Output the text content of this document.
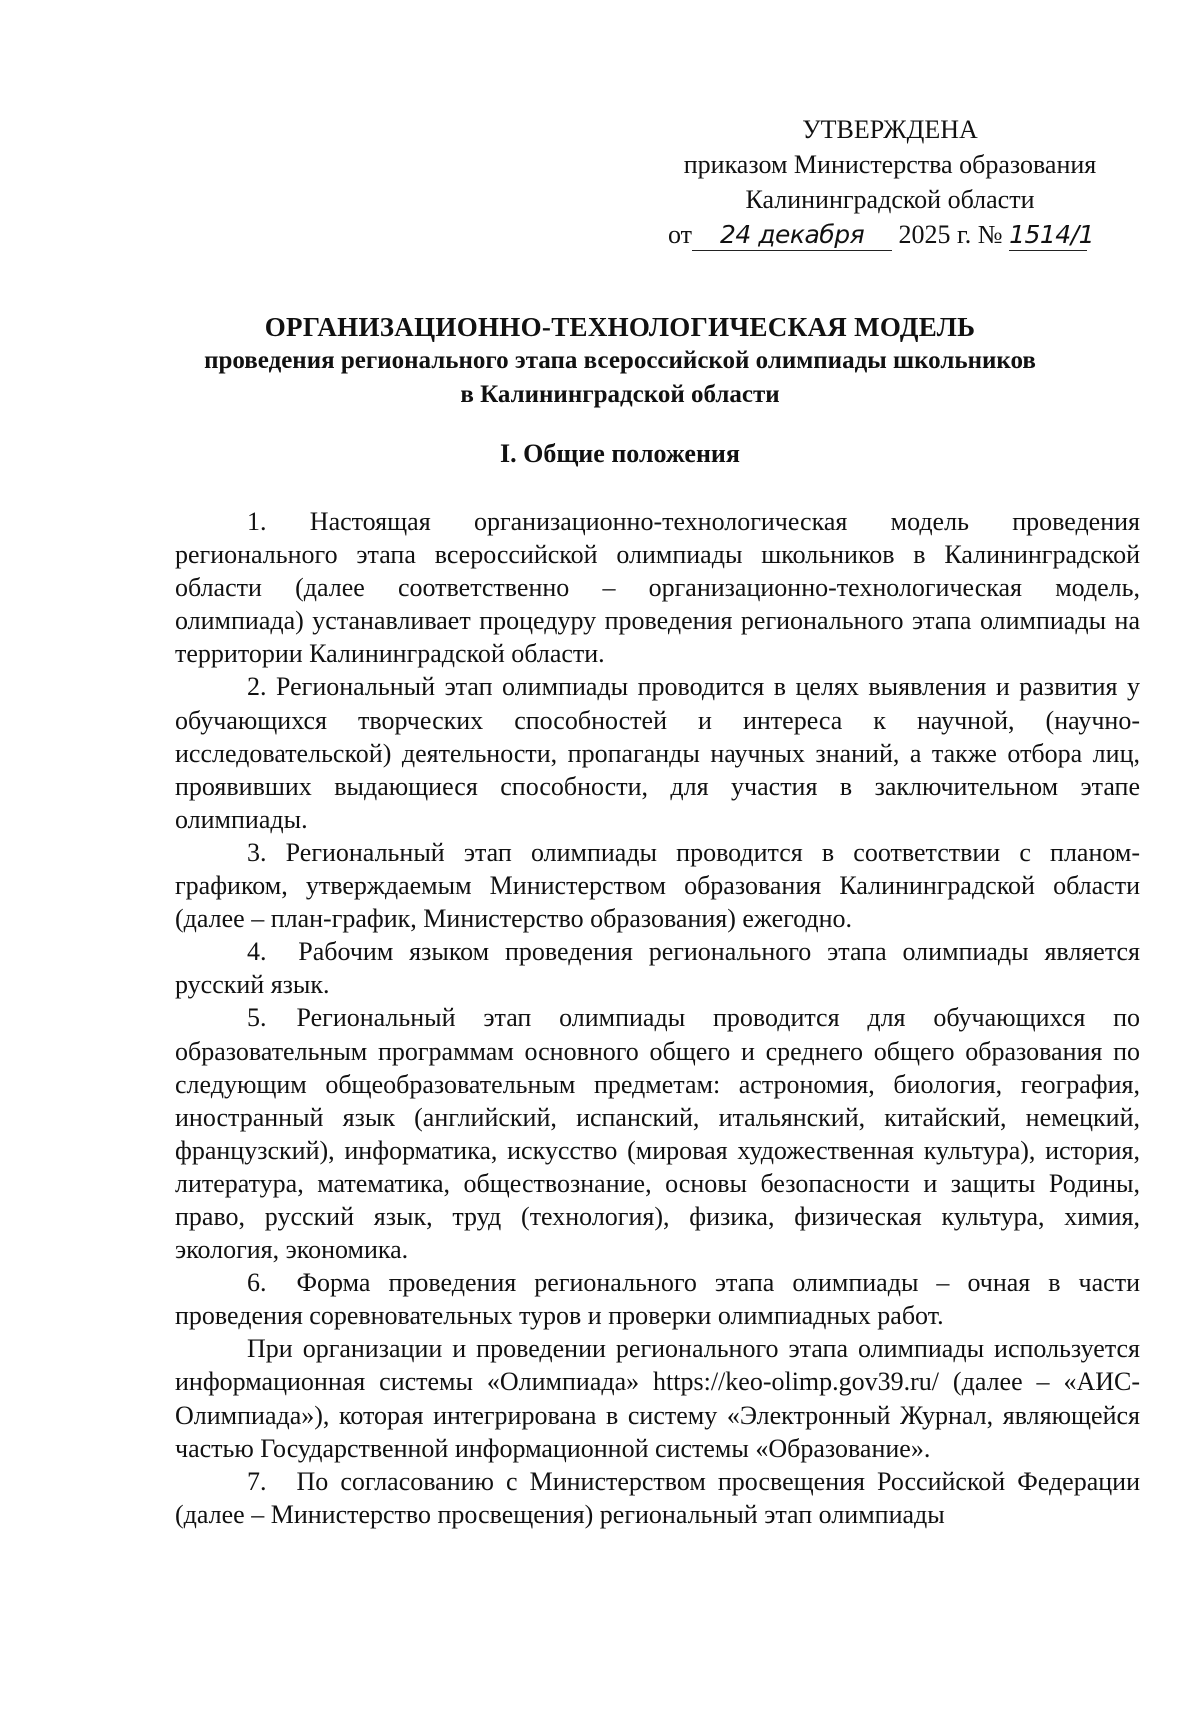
УТВЕРЖДЕНА
приказом Министерства образования
Калининградской области
от 24 декабря 2025 г. № 1514/1
ОРГАНИЗАЦИОННО-ТЕХНОЛОГИЧЕСКАЯ МОДЕЛЬ
проведения регионального этапа всероссийской олимпиады школьников
в Калининградской области
I. Общие положения

1. Настоящая организационно-технологическая модель проведения регионального этапа всероссийской олимпиады школьников в Калининградской области (далее соответственно – организационно-технологическая модель, олимпиада) устанавливает процедуру проведения регионального этапа олимпиады на территории Калининградской области.

2. Региональный этап олимпиады проводится в целях выявления и развития у обучающихся творческих способностей и интереса к научной, (научно-исследовательской) деятельности, пропаганды научных знаний, а также отбора лиц, проявивших выдающиеся способности, для участия в заключительном этапе олимпиады.

3. Региональный этап олимпиады проводится в соответствии с планом-графиком, утверждаемым Министерством образования Калининградской области (далее – план-график, Министерство образования) ежегодно.

4. Рабочим языком проведения регионального этапа олимпиады является русский язык.

5. Региональный этап олимпиады проводится для обучающихся по образовательным программам основного общего и среднего общего образования по следующим общеобразовательным предметам: астрономия, биология, география, иностранный язык (английский, испанский, итальянский, китайский, немецкий, французский), информатика, искусство (мировая художественная культура), история, литература, математика, обществознание, основы безопасности и защиты Родины, право, русский язык, труд (технология), физика, физическая культура, химия, экология, экономика.

6. Форма проведения регионального этапа олимпиады – очная в части проведения соревновательных туров и проверки олимпиадных работ.

При организации и проведении регионального этапа олимпиады используется информационная системы «Олимпиада» https://keo-olimp.gov39.ru/ (далее – «АИС-Олимпиада»), которая интегрирована в систему «Электронный Журнал, являющейся частью Государственной информационной системы «Образование».

7. По согласованию с Министерством просвещения Российской Федерации (далее – Министерство просвещения) региональный этап олимпиады
